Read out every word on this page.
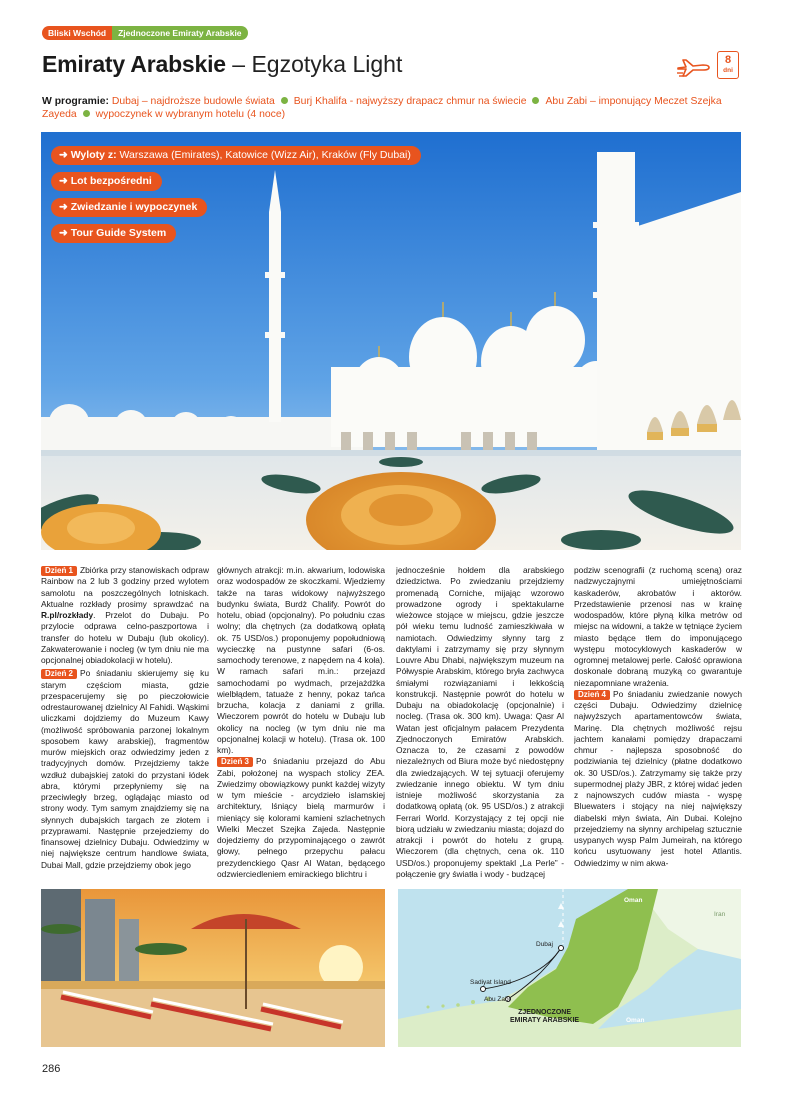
Bliski Wschód	Zjednoczone Emiraty Arabskie
Emiraty Arabskie – Egzotyka Light	8
dni
W programie: Dubaj – najdroższe budowle świata Burj Khalifa - najwyższy drapacz chmur na świecie Abu Zabi – imponujący Meczet Szejka Zayeda wypoczynek w wybranym hotelu (4 noce)
➜ Wyloty z: Warszawa (Emirates), Katowice (Wizz Air), Kraków (Fly Dubai)
➜ Lot bezpośredni
➜ Zwiedzanie i wypoczynek
➜ Tour Guide System

Dzień 1 Zbiórka przy stanowiskach odpraw Rainbow na 2 lub 3 godziny przed wylotem samolotu na poszczególnych lotniskach. Aktualne rozkłady prosimy sprawdzać na R.pl/rozkłady. Przelot do Dubaju. Po przylocie odprawa celno-paszportowa i transfer do hotelu w Dubaju (lub okolicy). Zakwaterowanie i nocleg (w tym dniu nie ma opcjonalnej obiadokolacji w hotelu).

Dzień 2 Po śniadaniu skierujemy się ku starym częściom miasta, gdzie przespacerujemy się po pieczołowicie odrestaurowanej dzielnicy Al Fahidi. Wąskimi uliczkami dojdziemy do Muzeum Kawy (możliwość spróbowania parzonej lokalnym sposobem kawy arabskiej), fragmentów murów miejskich oraz odwiedzimy jeden z tradycyjnych domów. Przejdziemy także wzdłuż dubajskiej zatoki do przystani łódek abra, którymi przepłyniemy się na przeciwległy brzeg, oglądając miasto od strony wody. Tym samym znajdziemy się na słynnych dubajskich targach ze złotem i przyprawami. Następnie przejedziemy do finansowej dzielnicy Dubaju. Odwiedzimy w niej największe centrum handlowe świata, Dubai Mall, gdzie przejdziemy obok jego

głównych atrakcji: m.in. akwarium, lodowiska oraz wodospadów ze skoczkami. Wjedziemy także na taras widokowy najwyższego budynku świata, Burdż Chalify. Powrót do hotelu, obiad (opcjonalny). Po południu czas wolny; dla chętnych (za dodatkową opłatą ok. 75 USD/os.) proponujemy popołudniową wycieczkę na pustynne safari (6-os. samochody terenowe, z napędem na 4 koła). W ramach safari m.in.: przejazd samochodami po wydmach, przejażdżka wielbłądem, tatuaże z henny, pokaz tańca brzucha, kolacja z daniami z grilla. Wieczorem powrót do hotelu w Dubaju lub okolicy na nocleg (w tym dniu nie ma opcjonalnej kolacji w hotelu). (Trasa ok. 100 km).

Dzień 3 Po śniadaniu przejazd do Abu Zabi, położonej na wyspach stolicy ZEA. Zwiedzimy obowiązkowy punkt każdej wizyty w tym mieście - arcydzieło islamskiej architektury, lśniący bielą marmurów i mieniący się kolorami kamieni szlachetnych Wielki Meczet Szejka Zajeda. Następnie dojedziemy do przypominającego o zawrót głowy, pełnego przepychu pałacu prezydenckiego Qasr Al Watan, będącego odzwierciedleniem emirackiego blichtru i

jednocześnie hołdem dla arabskiego dziedzictwa. Po zwiedzaniu przejdziemy promenadą Corniche, mijając wzorowo prowadzone ogrody i spektakularne wieżowce stojące w miejscu, gdzie jeszcze pół wieku temu ludność zamieszkiwała w namiotach. Odwiedzimy słynny targ z daktylami i zatrzymamy się przy słynnym Louvre Abu Dhabi, największym muzeum na Półwyspie Arabskim, którego bryła zachwyca śmiałymi rozwiązaniami i lekkością konstrukcji. Następnie powrót do hotelu w Dubaju na obiadokolację (opcjonalnie) i nocleg. (Trasa ok. 300 km). Uwaga: Qasr Al Watan jest oficjalnym pałacem Prezydenta Zjednoczonych Emiratów Arabskich. Oznacza to, że czasami z powodów niezależnych od Biura może być niedostępny dla zwiedzających. W tej sytuacji oferujemy zwiedzanie innego obiektu. W tym dniu istnieje możliwość skorzystania za dodatkową opłatą (ok. 95 USD/os.) z atrakcji Ferrari World. Korzystający z tej opcji nie biorą udziału w zwiedzaniu miasta; dojazd do atrakcji i powrót do hotelu z grupą. Wieczorem (dla chętnych, cena ok. 110 USD/os.) proponujemy spektakl „La Perle” - połączenie gry światła i wody - budzącej

podziw scenografii (z ruchomą sceną) oraz nadzwyczajnymi umiejętnościami kaskaderów, akrobatów i aktorów. Przedstawienie przenosi nas w krainę wodospadów, które płyną kilka metrów od miejsc na widowni, a także w tętniące życiem miasto będące tłem do imponującego występu motocyklowych kaskaderów w ogromnej metalowej perle. Całość oprawiona doskonale dobraną muzyką co gwarantuje niezapomniane wrażenia.

Dzień 4 Po śniadaniu zwiedzanie nowych części Dubaju. Odwiedzimy dzielnicę najwyższych apartamentowców świata, Marinę. Dla chętnych możliwość rejsu jachtem kanałami pomiędzy drapaczami chmur - najlepsza sposobność do podziwiania tej dzielnicy (płatne dodatkowo ok. 30 USD/os.). Zatrzymamy się także przy supermodnej plaży JBR, z której widać jeden z najnowszych cudów miasta - wyspę Bluewaters i stojący na niej największy diabelski młyn świata, Ain Dubai. Kolejno przejedziemy na słynny archipelag sztucznie usypanych wysp Palm Jumeirah, na którego końcu usytuowany jest hotel Atlantis. Odwiedzimy w nim akwa-

Dubaj
Sadiyat Island
Abu Zabi
Oman
Oman
Iran
ZJEDNOCZONE
EMIRATY ARABSKIE
286
